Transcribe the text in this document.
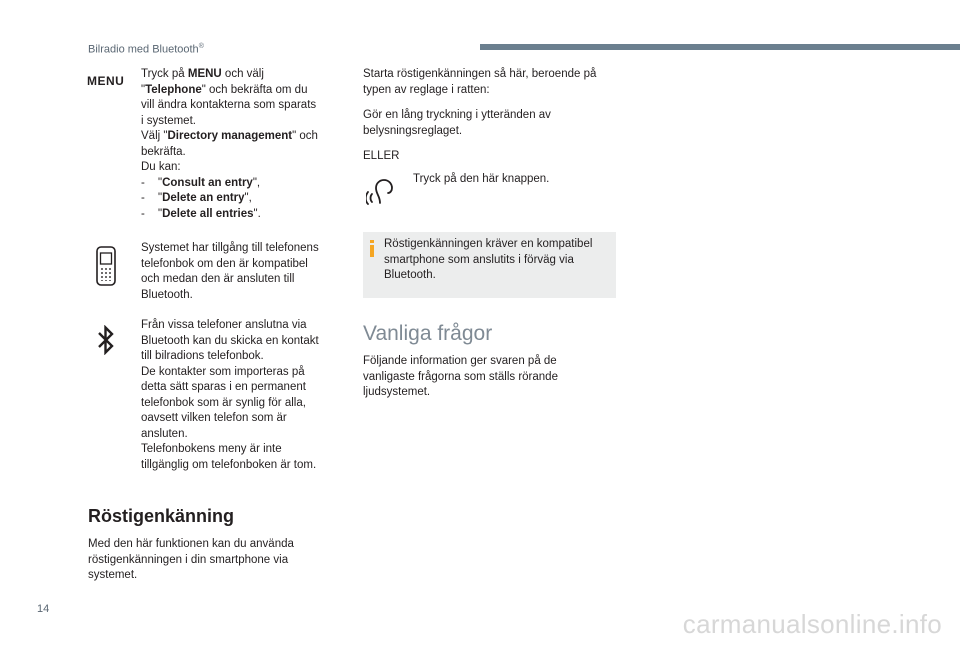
Bilradio med Bluetooth®
MENU Tryck på MENU och välj

"Telephone" och bekräfta om du

vill ändra kontakterna som sparats

i systemet.

Välj "Directory management" och

bekräfta.

Du kan:

- "Consult an entry",
- "Delete an entry",
- "Delete all entries".

Systemet har tillgång till telefonens

telefonbok om den är kompatibel

och medan den är ansluten till

Bluetooth.

Från vissa telefoner anslutna via

Bluetooth kan du skicka en kontakt

till bilradions telefonbok.

De kontakter som importeras på

detta sätt sparas i en permanent

telefonbok som är synlig för alla,

oavsett vilken telefon som är

ansluten.

Telefonbokens meny är inte

tillgänglig om telefonboken är tom.

Röstigenkänning

Med den här funktionen kan du använda

röstigenkänningen i din smartphone via

systemet.

Starta röstigenkänningen så här, beroende på

typen av reglage i ratten:

Gör en lång tryckning i ytteränden av

belysningsreglaget.

ELLER
Tryck på den här knappen.

Röstigenkänningen kräver en kompatibel

smartphone som anslutits i förväg via

Bluetooth.

Vanliga frågor

Följande information ger svaren på de

vanligaste frågorna som ställs rörande

ljudsystemet.

14	carmanualsonline.info
